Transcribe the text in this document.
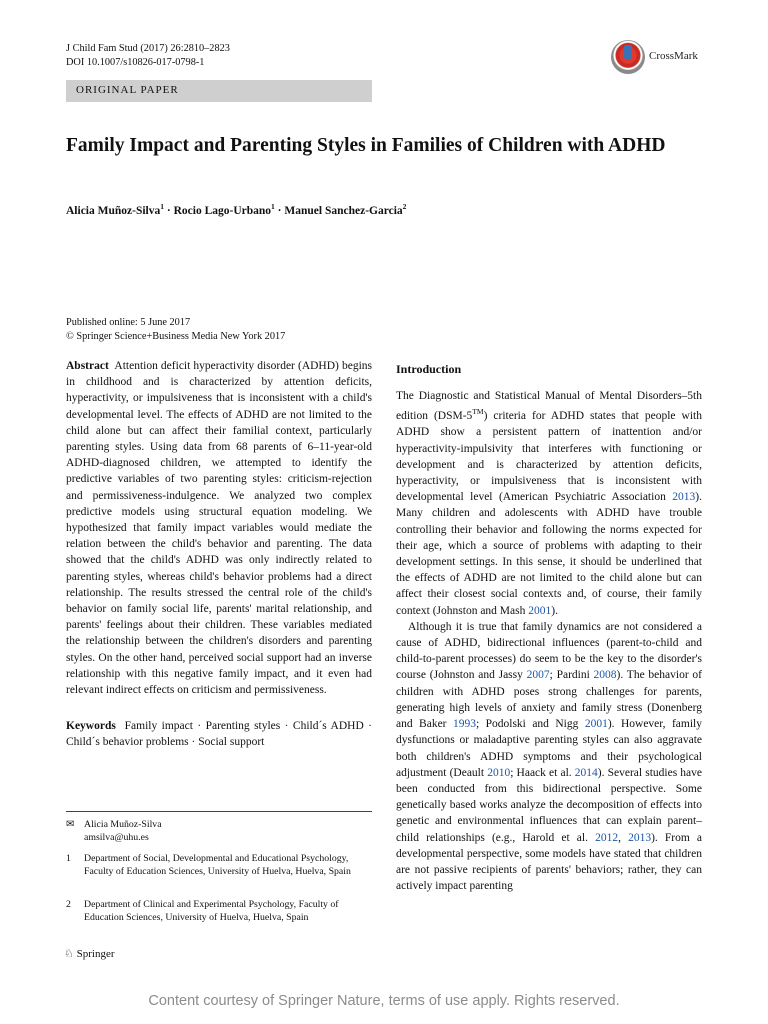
J Child Fam Stud (2017) 26:2810–2823
DOI 10.1007/s10826-017-0798-1
CrossMark
ORIGINAL PAPER
Family Impact and Parenting Styles in Families of Children with ADHD
Alicia Muñoz-Silva$^1$ · Rocio Lago-Urbano$^1$ · Manuel Sanchez-Garcia$^2$
Published online: 5 June 2017
© Springer Science+Business Media New York 2017

Abstract Attention deficit hyperactivity disorder (ADHD) begins in childhood and is characterized by attention deficits, hyperactivity, or impulsiveness that is inconsistent with a child's developmental level. The effects of ADHD are not limited to the child alone but can affect their familial context, particularly parenting styles. Using data from 68 parents of 6–11-year-old ADHD-diagnosed children, we attempted to identify the predictive variables of two parenting styles: criticism-rejection and permissiveness-indulgence. We analyzed two complex predictive models using structural equation modeling. We hypothesized that family impact variables would mediate the relation between the child's behavior and parenting. The data showed that the child's ADHD was only indirectly related to parenting styles, whereas child's behavior problems had a direct relationship. The results stressed the central role of the child's behavior on family social life, parents' marital relationship, and parents' feelings about their children. These variables mediated the relationship between the children's disorders and parenting styles. On the other hand, perceived social support had an inverse relationship with this negative family impact, and it even had relevant indirect effects on criticism and permissiveness.

Keywords Family impact · Parenting styles · Child´s ADHD · Child´s behavior problems · Social support

✉ Alicia Muñoz-Silva
amsilva@uhu.es
1	Department of Social, Developmental and Educational Psychology, Faculty of Education Sciences, University of Huelva, Huelva, Spain
2	Department of Clinical and Experimental Psychology, Faculty of Education Sciences, University of Huelva, Huelva, Spain
Introduction

The Diagnostic and Statistical Manual of Mental Disorders–5th edition (DSM-5™) criteria for ADHD states that people with ADHD show a persistent pattern of inattention and/or hyperactivity-impulsivity that interferes with functioning or development and is characterized by attention deficits, hyperactivity, or impulsiveness that is inconsistent with developmental level (American Psychiatric Association 2013). Many children and adolescents with ADHD have trouble controlling their behavior and following the norms expected for their age, which a source of problems with adapting to their development settings. In this sense, it should be underlined that the effects of ADHD are not limited to the child alone but can affect their closest social contexts and, of course, their family context (Johnston and Mash 2001).

Although it is true that family dynamics are not considered a cause of ADHD, bidirectional influences (parent-to-child and child-to-parent processes) do seem to be the key to the disorder's course (Johnston and Jassy 2007; Pardini 2008). The behavior of children with ADHD poses strong challenges for parents, generating high levels of anxiety and family stress (Donenberg and Baker 1993; Podolski and Nigg 2001). However, family dysfunctions or maladaptive parenting styles can also aggravate both children's ADHD symptoms and their psychological adjustment (Deault 2010; Haack et al. 2014). Several studies have been conducted from this bidirectional perspective. Some genetically based works analyze the decomposition of effects into genetic and environmental influences that can explain parent–child relationships (e.g., Harold et al. 2012, 2013). From a developmental perspective, some models have stated that children are not passive recipients of parents' behaviors; rather, they can actively impact parenting

♘ Springer
Content courtesy of Springer Nature, terms of use apply. Rights reserved.
